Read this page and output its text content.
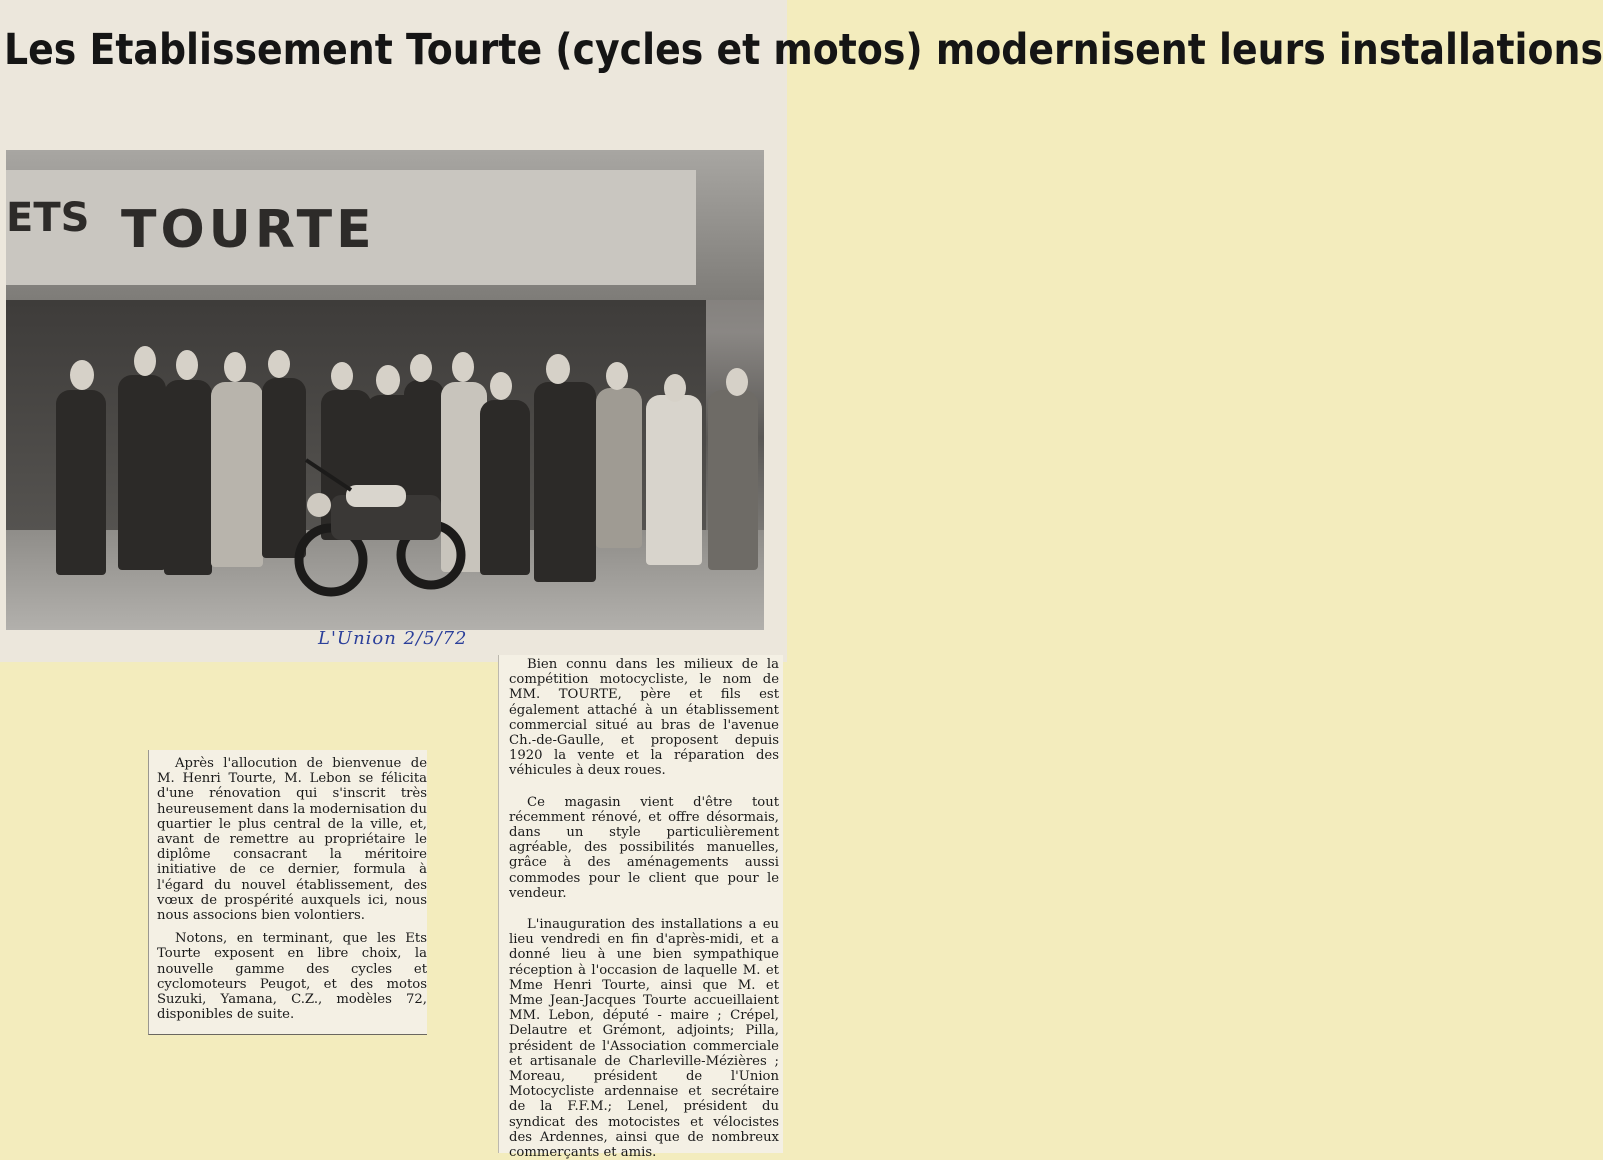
Les Etablissement Tourte (cycles et motos) modernisent leurs installations
ETS TOURTE
L'Union 2/5/72

Après l'allocution de bienvenue de M. Henri Tourte, M. Lebon se félicita d'une rénovation qui s'inscrit très heureusement dans la modernisation du quartier le plus central de la ville, et, avant de remettre au propriétaire le diplôme consacrant la méritoire initiative de ce dernier, formula à l'égard du nouvel établissement, des vœux de prospérité auxquels ici, nous nous associons bien volontiers.

Notons, en terminant, que les Ets Tourte exposent en libre choix, la nouvelle gamme des cycles et cyclomoteurs Peugot, et des motos Suzuki, Yamana, C.Z., modèles 72, disponibles de suite.

Bien connu dans les milieux de la compétition motocycliste, le nom de MM. TOURTE, père et fils est également attaché à un établissement commercial situé au bras de l'avenue Ch.-de-Gaulle, et proposent depuis 1920 la vente et la réparation des véhicules à deux roues.

Ce magasin vient d'être tout récemment rénové, et offre désormais, dans un style particulièrement agréable, des possibilités manuelles, grâce à des aménagements aussi commodes pour le client que pour le vendeur.

L'inauguration des installations a eu lieu vendredi en fin d'après-midi, et a donné lieu à une bien sympathique réception à l'occasion de laquelle M. et Mme Henri Tourte, ainsi que M. et Mme Jean-Jacques Tourte accueillaient MM. Lebon, député - maire ; Crépel, Delautre et Grémont, adjoints; Pilla, président de l'Association commerciale et artisanale de Charleville-Mézières ; Moreau, président de l'Union Motocycliste ardennaise et secrétaire de la F.F.M.; Lenel, président du syndicat des motocistes et vélocistes des Ardennes, ainsi que de nombreux commerçants et amis.
